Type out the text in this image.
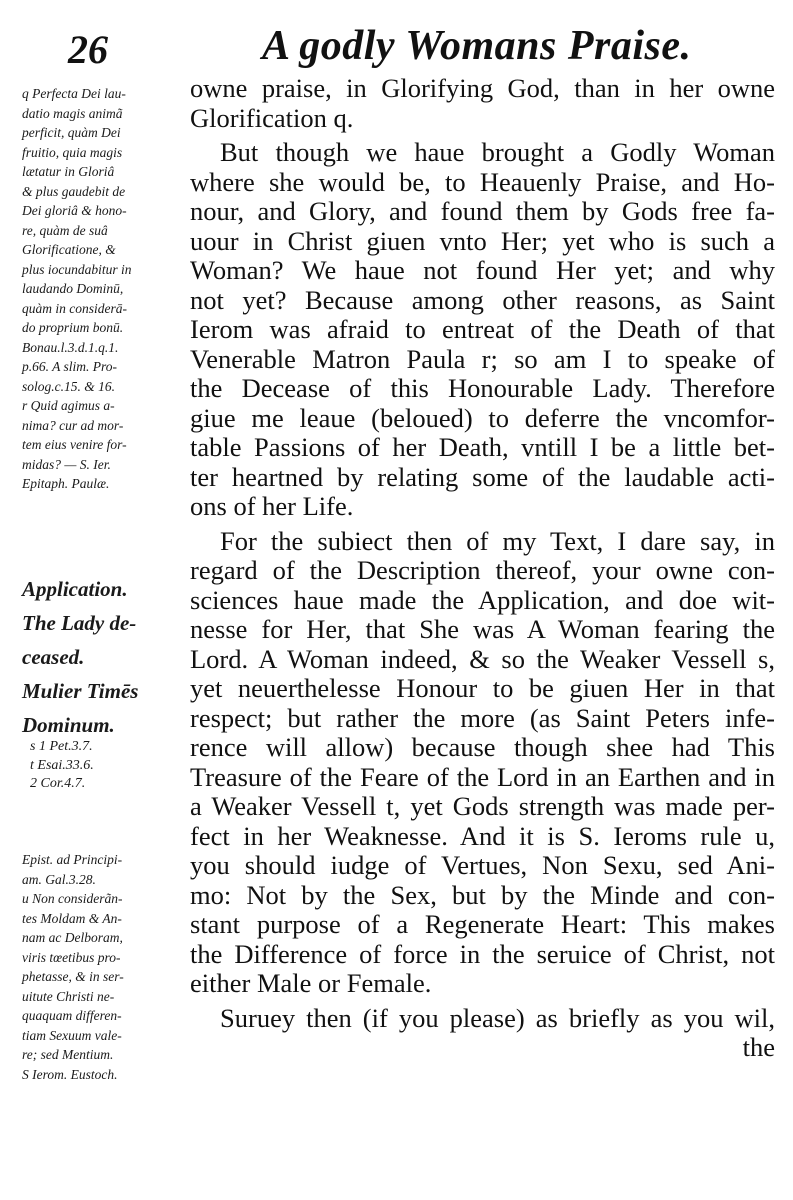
26	A godly Womans Praise.
q Perfecta Dei lau-
datio magis animã
perficit, quàm Dei
fruitio, quia magis
lætatur in Gloriâ
& plus gaudebit de
Dei gloriâ & hono-
re, quàm de suâ
Glorificatione, &
plus iocundabitur in
laudando Dominū,
quàm in considerā-
do proprium bonū.
Bonau.l.3.d.1.q.1.
p.66. A slim. Pro-
solog.c.15. & 16.
r Quid agimus a-
nima? cur ad mor-
tem eius venire for-
midas? — S. Ier.
Epitaph. Paulæ.
Application.
The Lady de-
ceased.
Mulier Timēs
Dominum.
s 1 Pet.3.7.
t Esai.33.6.
2 Cor.4.7.
Epist. ad Principi-
am. Gal.3.28.
u Non considerãn-
tes Moldam & An-
nam ac Delboram,
viris tœetibus pro-
phetasse, & in ser-
uitute Christi ne-
quaquam differen-
tiam Sexuum vale-
re; sed Mentium.
S Ierom. Eustoch.
owne praise, in Glorifying God, than in her owne
Glorification q.
But though we haue brought a Godly Woman
where she would be, to Heauenly Praise, and Ho-
nour, and Glory, and found them by Gods free fa-
uour in Christ giuen vnto Her; yet who is such a
Woman? We haue not found Her yet; and why
not yet? Because among other reasons, as Saint
Ierom was afraid to entreat of the Death of that
Venerable Matron Paula r; so am I to speake of
the Decease of this Honourable Lady. Therefore
giue me leaue (beloued) to deferre the vncomfor-
table Passions of her Death, vntill I be a little bet-
ter heartned by relating some of the laudable acti-
ons of her Life.
For the subiect then of my Text, I dare say, in
regard of the Description thereof, your owne con-
sciences haue made the Application, and doe wit-
nesse for Her, that She was A Woman fearing the
Lord. A Woman indeed, & so the Weaker Vessell s,
yet neuerthelesse Honour to be giuen Her in that
respect; but rather the more (as Saint Peters infe-
rence will allow) because though shee had This
Treasure of the Feare of the Lord in an Earthen and in
a Weaker Vessell t, yet Gods strength was made per-
fect in her Weaknesse. And it is S. Ieroms rule u,
you should iudge of Vertues, Non Sexu, sed Ani-
mo: Not by the Sex, but by the Minde and con-
stant purpose of a Regenerate Heart: This makes
the Difference of force in the seruice of Christ, not
either Male or Female.
Suruey then (if you please) as briefly as you wil,
the
